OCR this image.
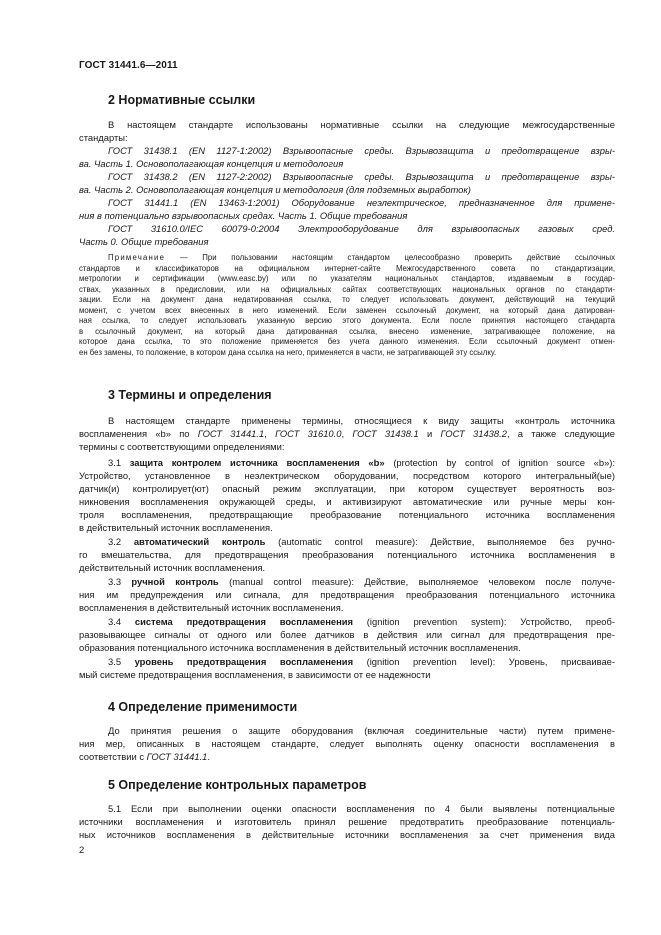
ГОСТ 31441.6—2011
2 Нормативные ссылки
В настоящем стандарте использованы нормативные ссылки на следующие межгосударственные
стандарты:
ГОСТ 31438.1 (EN 1127-1:2002) Взрывоопасные среды. Взрывозащита и предотвращение взры-
ва. Часть 1. Основополагающая концепция и методология
ГОСТ 31438.2 (EN 1127-2:2002) Взрывоопасные среды. Взрывозащита и предотвращение взры-
ва. Часть 2. Основополагающая концепция и методология (для подземных выработок)
ГОСТ 31441.1 (EN 13463-1:2001) Оборудование неэлектрическое, предназначенное для примене-
ния в потенциально взрывоопасных средах. Часть 1. Общие требования
ГОСТ 31610.0/IEC 60079-0:2004 Электрооборудование для взрывоопасных газовых сред.
Часть 0. Общие требования
Примечание — При пользовании настоящим стандартом целесообразно проверить действие ссылочных
стандартов и классификаторов на официальном интернет-сайте Межгосударственного совета по стандартизации,
метрологии и сертификации (www.easc.by) или по указателям национальных стандартов, издаваемым в государ-
ствах, указанных в предисловии, или на официальных сайтах соответствующих национальных органов по стандарти-
зации. Если на документ дана недатированная ссылка, то следует использовать документ, действующий на текущий
момент, с учетом всех внесенных в него изменений. Если заменен ссылочный документ, на который дана датирован-
ная ссылка, то следует использовать указанную версию этого документа. Если после принятия настоящего стандарта
в ссылочный документ, на который дана датированная ссылка, внесено изменение, затрагивающее положение, на
которое дана ссылка, то это положение применяется без учета данного изменения. Если ссылочный документ отмен-
ен без замены, то положение, в котором дана ссылка на него, применяется в части, не затрагивающей эту ссылку.
3 Термины и определения
В настоящем стандарте применены термины, относящиеся к виду защиты «контроль источника
воспламенения «b» по ГОСТ 31441.1, ГОСТ 31610.0, ГОСТ 31438.1 и ГОСТ 31438.2, а также следующие
термины с соответствующими определениями:
3.1 защита контролем источника воспламенения «b» (protection by control of ignition source «b»):
Устройство, установленное в неэлектрическом оборудовании, посредством которого интегральный(ые)
датчик(и) контролирует(ют) опасный режим эксплуатации, при котором существует вероятность воз-
никновения воспламенения окружающей среды, и активизируют автоматические или ручные меры кон-
троля воспламенения, предотвращающие преобразование потенциального источника воспламенения
в действительный источник воспламенения.
3.2 автоматический контроль (automatic control measure): Действие, выполняемое без ручно-
го вмешательства, для предотвращения преобразования потенциального источника воспламенения в
действительный источник воспламенения.
3.3 ручной контроль (manual control measure): Действие, выполняемое человеком после получе-
ния им предупреждения или сигнала, для предотвращения преобразования потенциального источника
воспламенения в действительный источник воспламенения.
3.4 система предотвращения воспламенения (ignition prevention system): Устройство, преоб-
разовывающее сигналы от одного или более датчиков в действия или сигнал для предотвращения пре-
образования потенциального источника воспламенения в действительный источник воспламенения.
3.5 уровень предотвращения воспламенения (ignition prevention level): Уровень, присваивае-
мый системе предотвращения воспламенения, в зависимости от ее надежности
4 Определение применимости
До принятия решения о защите оборудования (включая соединительные части) путем примене-
ния мер, описанных в настоящем стандарте, следует выполнять оценку опасности воспламенения в
соответствии с ГОСТ 31441.1.
5 Определение контрольных параметров
5.1 Если при выполнении оценки опасности воспламенения по 4 были выявлены потенциальные
источники воспламенения и изготовитель принял решение предотвратить преобразование потенциаль-
ных источников воспламенения в действительные источники воспламенения за счет применения вида
2
